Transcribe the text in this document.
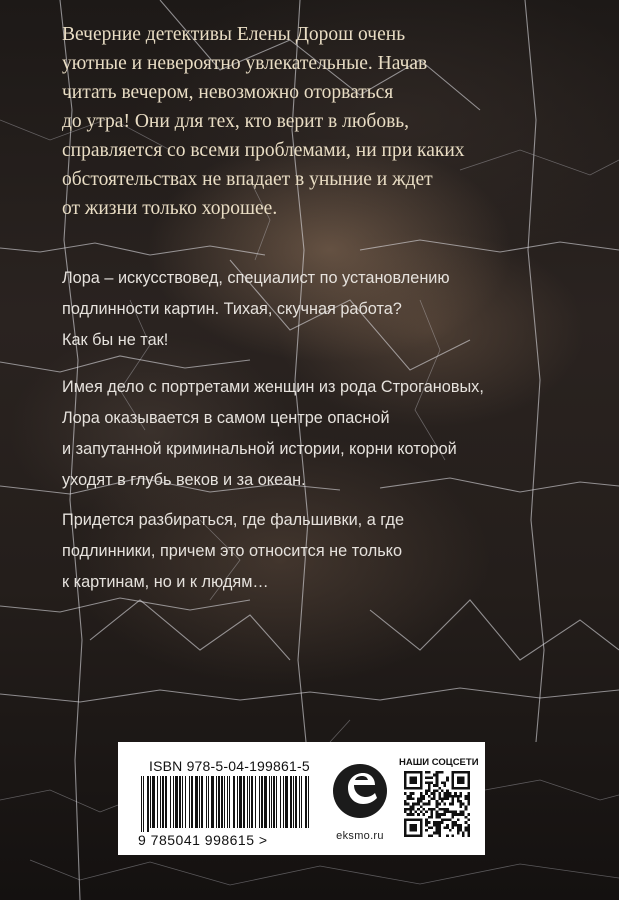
Вечерние детективы Елены Дорош очень
уютные и невероятно увлекательные. Начав
читать вечером, невозможно оторваться
до утра! Они для тех, кто верит в любовь,
справляется со всеми проблемами, ни при каких
обстоятельствах не впадает в уныние и ждет
от жизни только хорошее.

Лора – искусствовед, специалист по установлению
подлинности картин. Тихая, скучная работа?
Как бы не так!

Имея дело с портретами женщин из рода Строгановых,
Лора оказывается в самом центре опасной
и запутанной криминальной истории, корни которой
уходят в глубь веков и за океан.

Придется разбираться, где фальшивки, а где
подлинники, причем это относится не только
к картинам, но и к людям…

ISBN 978-5-04-199861-5
9 785041 998615 >	eksmo.ru
НАШИ СОЦСЕТИ
